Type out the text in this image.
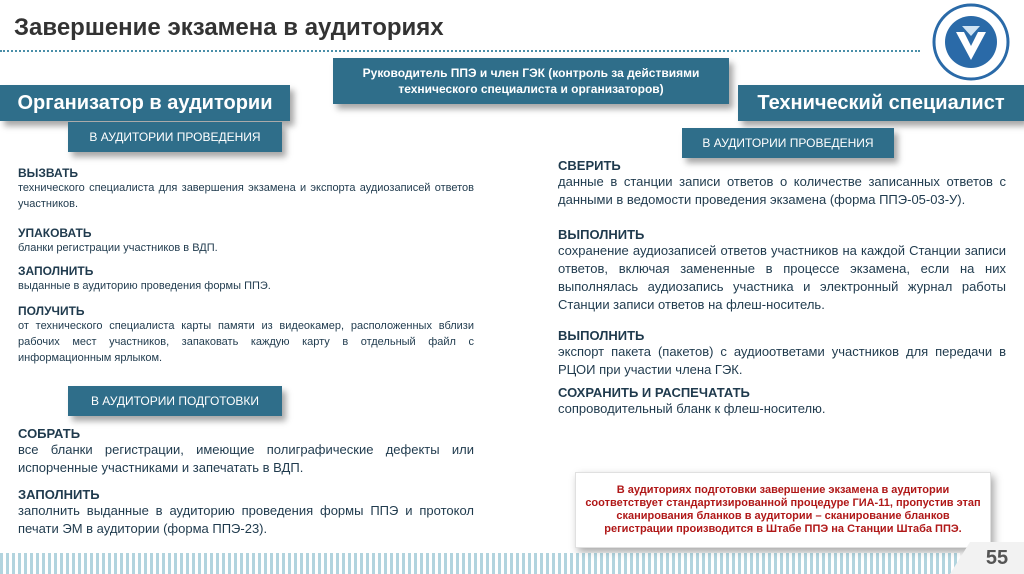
Завершение экзамена в аудиториях
Руководитель ППЭ и член ГЭК (контроль за действиями технического специалиста и организаторов)
Организатор в аудитории	Технический специалист
В АУДИТОРИИ ПРОВЕДЕНИЯ
ВЫЗВАТЬ
технического специалиста для завершения экзамена и экспорта аудиозаписей ответов участников.
УПАКОВАТЬ
бланки регистрации участников в ВДП.
ЗАПОЛНИТЬ
выданные в аудиторию проведения формы ППЭ.
ПОЛУЧИТЬ
от технического специалиста карты памяти из видеокамер, расположенных вблизи рабочих мест участников, запаковать каждую карту в отдельный файл с информационным ярлыком.
В АУДИТОРИИ ПОДГОТОВКИ
СОБРАТЬ
все бланки регистрации, имеющие полиграфические дефекты или испорченные участниками и запечатать в ВДП.
ЗАПОЛНИТЬ
заполнить выданные в аудиторию проведения формы ППЭ и протокол печати ЭМ в аудитории (форма ППЭ-23).
В АУДИТОРИИ ПРОВЕДЕНИЯ
СВЕРИТЬ
данные в станции записи ответов о количестве записанных ответов с данными в ведомости проведения экзамена (форма ППЭ-05-03-У).
ВЫПОЛНИТЬ
сохранение аудиозаписей ответов участников на каждой Станции записи ответов, включая замененные в процессе экзамена, если на них выполнялась аудиозапись участника и электронный журнал работы Станции записи ответов на флеш-носитель.
ВЫПОЛНИТЬ
экспорт пакета (пакетов) с аудиоответами участников для передачи в РЦОИ при участии члена ГЭК.
СОХРАНИТЬ И РАСПЕЧАТАТЬ
сопроводительный бланк к флеш-носителю.
В аудиториях подготовки завершение экзамена в аудитории соответствует стандартизированной процедуре ГИА-11, пропустив этап сканирования бланков в аудитории – сканирование бланков регистрации производится в Штабе ППЭ на Станции Штаба ППЭ.
55
